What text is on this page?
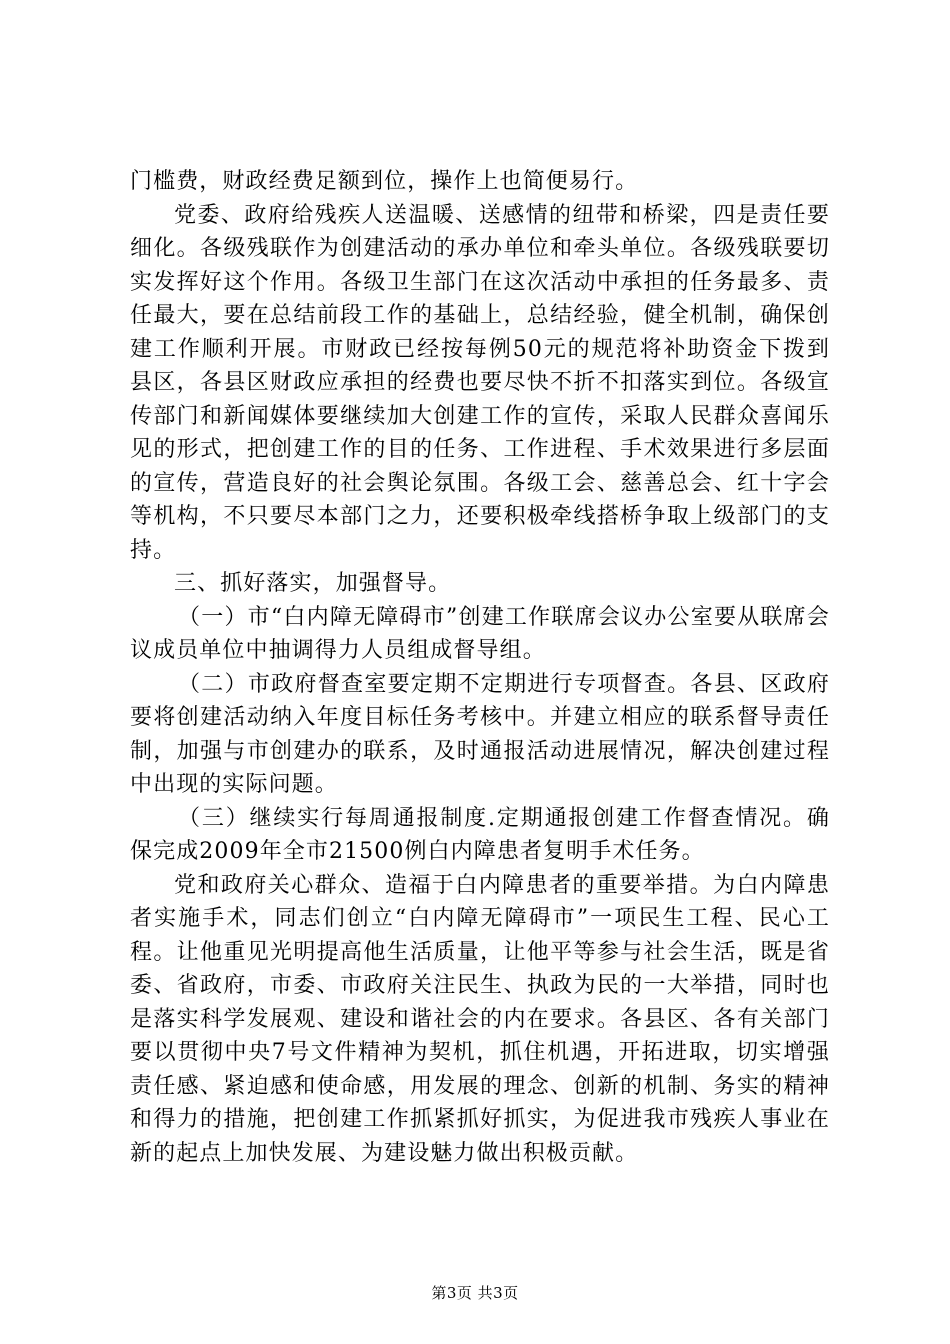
门槛费，财政经费足额到位，操作上也简便易行。

党委、政府给残疾人送温暖、送感情的纽带和桥梁，四是责任要细化。各级残联作为创建活动的承办单位和牵头单位。各级残联要切实发挥好这个作用。各级卫生部门在这次活动中承担的任务最多、责任最大，要在总结前段工作的基础上，总结经验，健全机制，确保创建工作顺利开展。市财政已经按每例50元的规范将补助资金下拨到县区，各县区财政应承担的经费也要尽快不折不扣落实到位。各级宣传部门和新闻媒体要继续加大创建工作的宣传，采取人民群众喜闻乐见的形式，把创建工作的目的任务、工作进程、手术效果进行多层面的宣传，营造良好的社会舆论氛围。各级工会、慈善总会、红十字会等机构，不只要尽本部门之力，还要积极牵线搭桥争取上级部门的支持。

三、抓好落实，加强督导。

（一）市“白内障无障碍市”创建工作联席会议办公室要从联席会议成员单位中抽调得力人员组成督导组。

（二）市政府督查室要定期不定期进行专项督查。各县、区政府要将创建活动纳入年度目标任务考核中。并建立相应的联系督导责任制，加强与市创建办的联系，及时通报活动进展情况，解决创建过程中出现的实际问题。

（三）继续实行每周通报制度.定期通报创建工作督查情况。确保完成2009年全市21500例白内障患者复明手术任务。

党和政府关心群众、造福于白内障患者的重要举措。为白内障患者实施手术，同志们创立“白内障无障碍市”一项民生工程、民心工程。让他重见光明提高他生活质量，让他平等参与社会生活，既是省委、省政府，市委、市政府关注民生、执政为民的一大举措，同时也是落实科学发展观、建设和谐社会的内在要求。各县区、各有关部门要以贯彻中央7号文件精神为契机，抓住机遇，开拓进取，切实增强责任感、紧迫感和使命感，用发展的理念、创新的机制、务实的精神和得力的措施，把创建工作抓紧抓好抓实，为促进我市残疾人事业在新的起点上加快发展、为建设魅力做出积极贡献。

第3页 共3页
